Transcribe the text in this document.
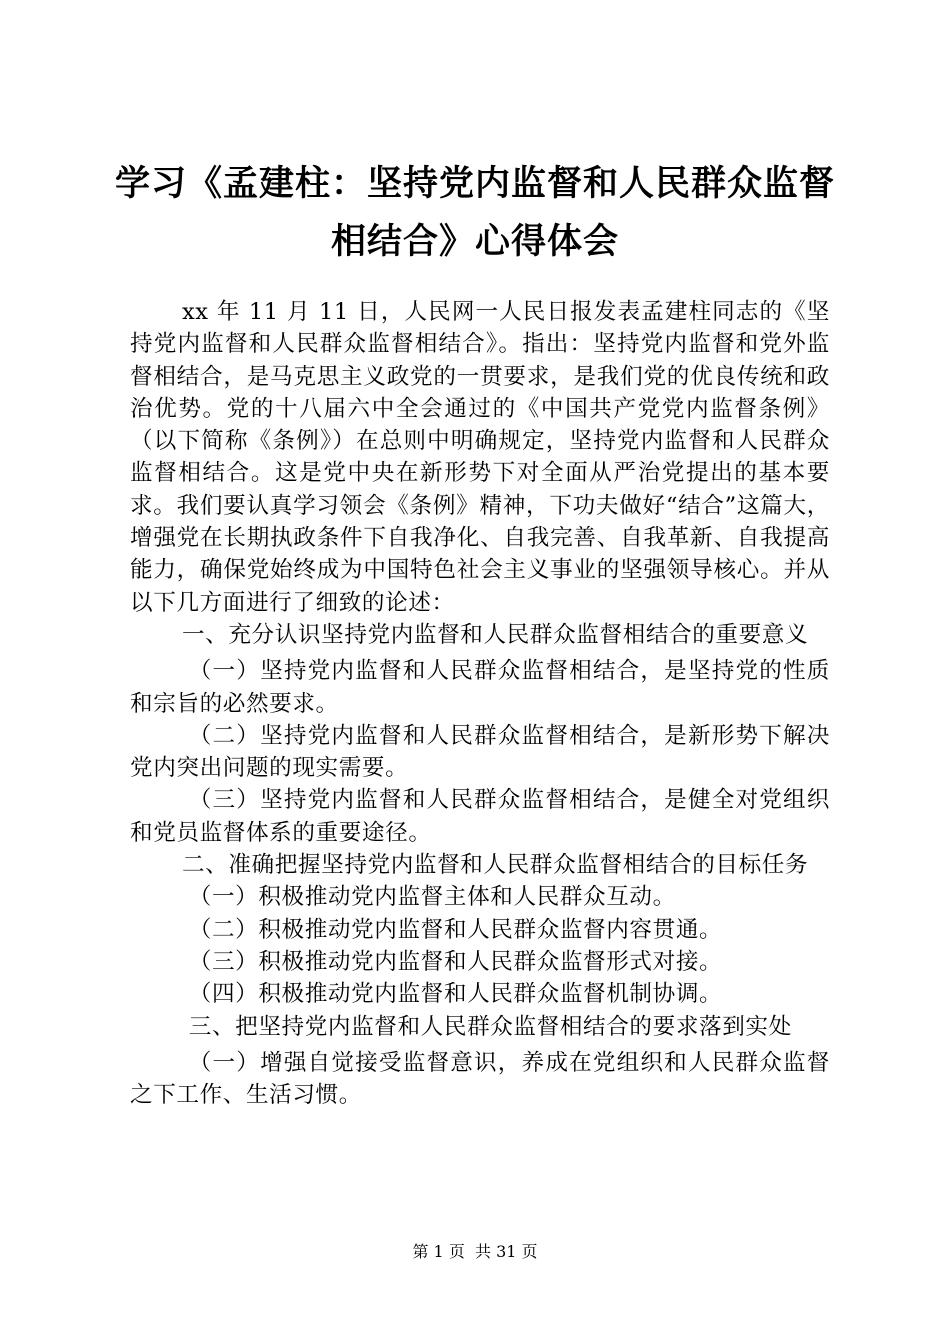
学习《孟建柱：坚持党内监督和人民群众监督
相结合》心得体会

xx 年 11 月 11 日，人民网一人民日报发表孟建柱同志的《坚持党内监督和人民群众监督相结合》。指出：坚持党内监督和党外监督相结合，是马克思主义政党的一贯要求，是我们党的优良传统和政治优势。党的十八届六中全会通过的《中国共产党党内监督条例》（以下简称《条例》）在总则中明确规定，坚持党内监督和人民群众监督相结合。这是党中央在新形势下对全面从严治党提出的基本要求。我们要认真学习领会《条例》精神，下功夫做好“结合”这篇大，增强党在长期执政条件下自我净化、自我完善、自我革新、自我提高能力，确保党始终成为中国特色社会主义事业的坚强领导核心。并从以下几方面进行了细致的论述：

一、充分认识坚持党内监督和人民群众监督相结合的重要意义

（一）坚持党内监督和人民群众监督相结合，是坚持党的性质和宗旨的必然要求。

（二）坚持党内监督和人民群众监督相结合，是新形势下解决党内突出问题的现实需要。

（三）坚持党内监督和人民群众监督相结合，是健全对党组织和党员监督体系的重要途径。

二、准确把握坚持党内监督和人民群众监督相结合的目标任务

（一）积极推动党内监督主体和人民群众互动。

（二）积极推动党内监督和人民群众监督内容贯通。

（三）积极推动党内监督和人民群众监督形式对接。

（四）积极推动党内监督和人民群众监督机制协调。

三、把坚持党内监督和人民群众监督相结合的要求落到实处

（一）增强自觉接受监督意识，养成在党组织和人民群众监督之下工作、生活习惯。

第 1 页  共 31 页
